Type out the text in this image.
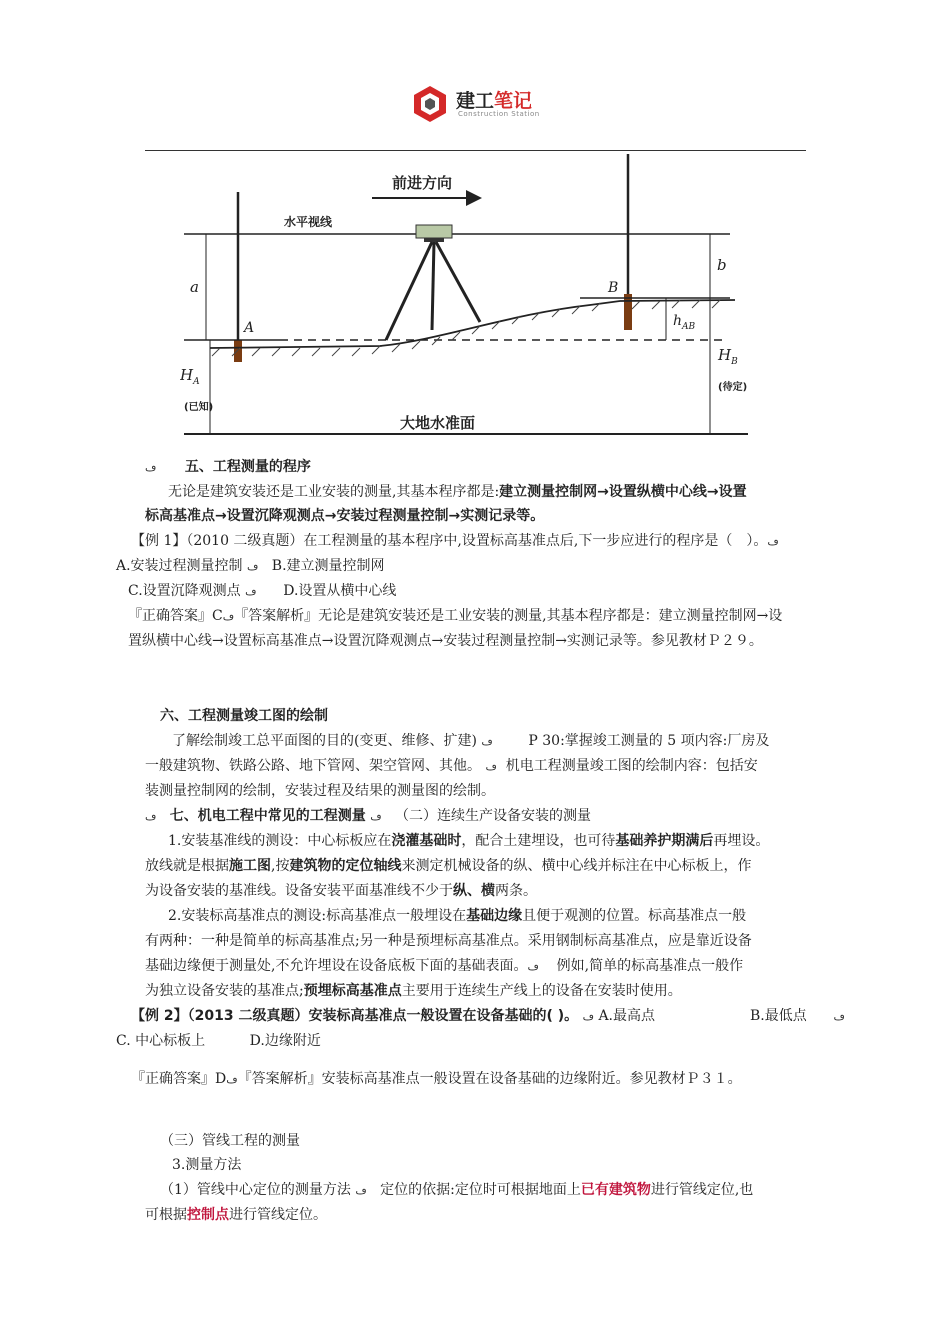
建工笔记
Construction Station
前进方向
水平视线
A
B
a
b
$h_{AB}$
$H_A$
(已知)
$H_B$
(待定)
大地水准面
ڡ 五、工程测量的程序
无论是建筑安装还是工业安装的测量,其基本程序都是:建立测量控制网→设置纵横中心线→设置
标高基准点→设置沉降观测点→安装过程测量控制→实测记录等。
【例 1】（2010 二级真题）在工程测量的基本程序中,设置标高基准点后,下一步应进行的程序是（　）。ڡ
A.安装过程测量控制 ڡ B.建立测量控制网
C.设置沉降观测点 ڡ D.设置从横中心线
『正确答案』Cڡ『答案解析』无论是建筑安装还是工业安装的测量,其基本程序都是：建立测量控制网→设
置纵横中心线→设置标高基准点→设置沉降观测点→安装过程测量控制→实测记录等。参见教材Ｐ２９。
六、工程测量竣工图的绘制
了解绘制竣工总平面图的目的(变更、维修、扩建) ڡ	P 30:掌握竣工测量的 5 项内容:厂房及
一般建筑物、铁路公路、地下管网、架空管网、其他。 ڡ 机电工程测量竣工图的绘制内容：包括安
装测量控制网的绘制，安装过程及结果的测量图的绘制。
ڡ 七、机电工程中常见的工程测量 ڡ （二）连续生产设备安装的测量
1.安装基准线的测设：中心标板应在浇灌基础时，配合土建埋设，也可待基础养护期满后再埋设。
放线就是根据施工图,按建筑物的定位轴线来测定机械设备的纵、横中心线并标注在中心标板上，作
为设备安装的基准线。设备安装平面基准线不少于纵、横两条。
2.安装标高基准点的测设:标高基准点一般埋设在基础边缘且便于观测的位置。标高基准点一般
有两种：一种是简单的标高基准点;另一种是预埋标高基准点。采用钢制标高基准点，应是靠近设备
基础边缘便于测量处,不允许埋设在设备底板下面的基础表面。ڡ 例如,简单的标高基准点一般作
为独立设备安装的基准点;预埋标高基准点主要用于连续生产线上的设备在安装时使用。
【例 2】（2013 二级真题）安装标高基准点一般设置在设备基础的( )。 ڡ A.最高点	B.最低点 ڡ
C. 中心标板上	D.边缘附近
『正确答案』Dڡ『答案解析』安装标高基准点一般设置在设备基础的边缘附近。参见教材Ｐ３１。
（三）管线工程的测量
3.测量方法
（1）管线中心定位的测量方法 ڡ 定位的依据:定位时可根据地面上已有建筑物进行管线定位,也
可根据控制点进行管线定位。
